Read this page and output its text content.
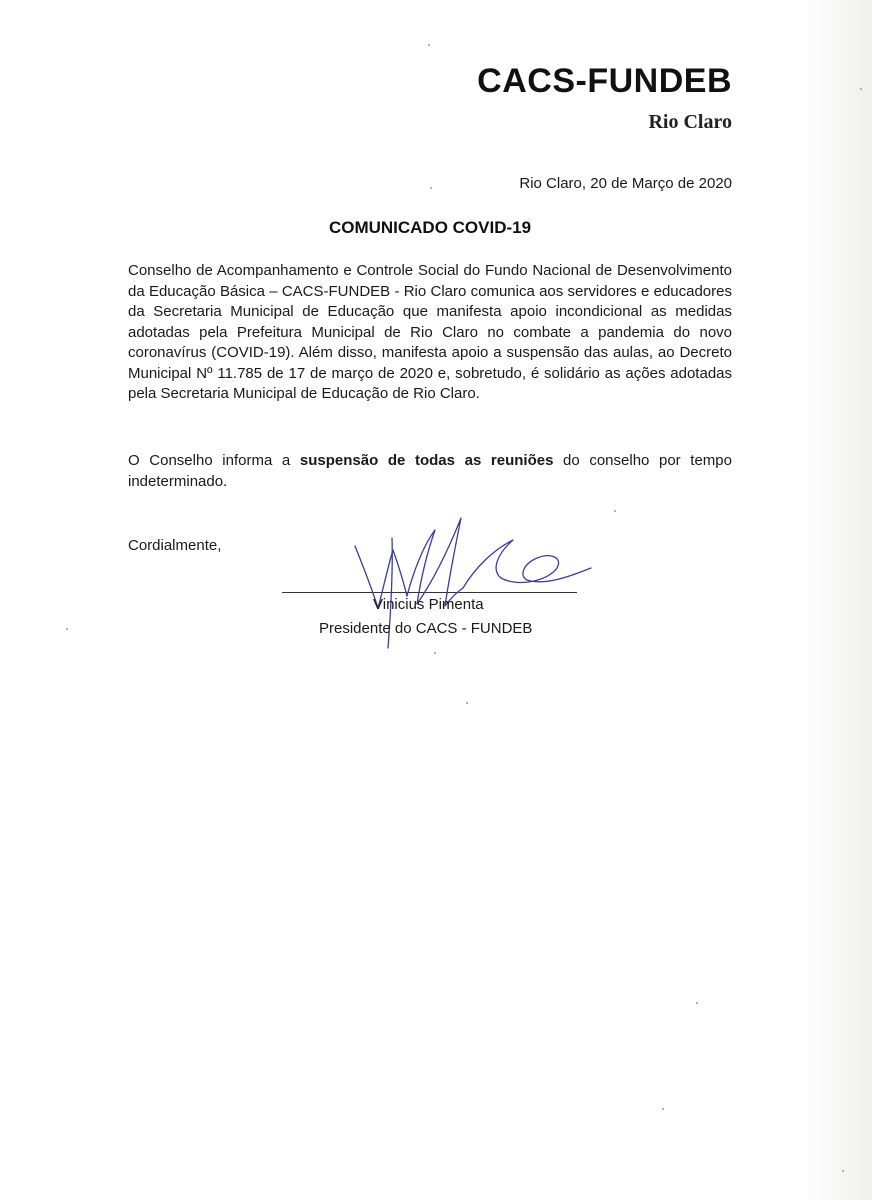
CACS-FUNDEB
Rio Claro
Rio Claro, 20 de Março de 2020
COMUNICADO COVID-19

Conselho de Acompanhamento e Controle Social do Fundo Nacional de Desenvolvimento da Educação Básica – CACS-FUNDEB - Rio Claro comunica aos servidores e educadores da Secretaria Municipal de Educação que manifesta apoio incondicional as medidas adotadas pela Prefeitura Municipal de Rio Claro no combate a pandemia do novo coronavírus (COVID-19). Além disso, manifesta apoio a suspensão das aulas, ao Decreto Municipal Nº 11.785 de 17 de março de 2020 e, sobretudo, é solidário as ações adotadas pela Secretaria Municipal de Educação de Rio Claro.

O Conselho informa a suspensão de todas as reuniões do conselho por tempo indeterminado.

Cordialmente,
Vinicius Pimenta
Presidente do CACS - FUNDEB
